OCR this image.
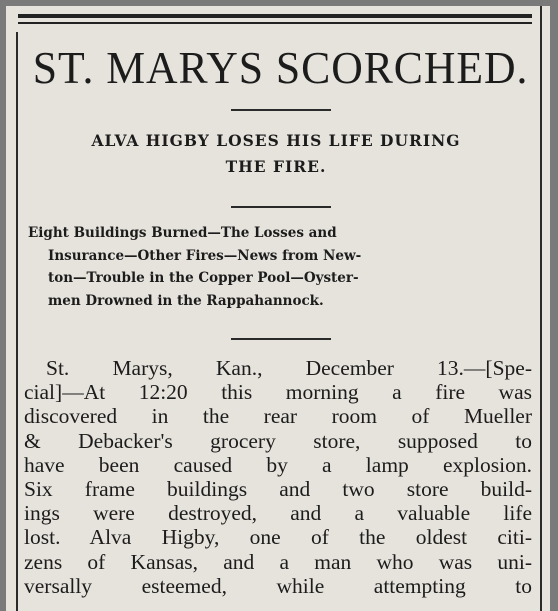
ST. MARYS SCORCHED.
ALVA HIGBY LOSES HIS LIFE DURING
THE FIRE.
Eight Buildings Burned—The Losses and
Insurance—Other Fires—News from New-
ton—Trouble in the Copper Pool—Oyster-
men Drowned in the Rappahannock.
St. Marys, Kan., December 13.—[Spe-
cial]—At 12:20 this morning a fire was
discovered in the rear room of Mueller
& Debacker's grocery store, supposed to
have been caused by a lamp explosion.
Six frame buildings and two store build-
ings were destroyed, and a valuable life
lost. Alva Higby, one of the oldest citi-
zens of Kansas, and a man who was uni-
versally esteemed, while attempting to
